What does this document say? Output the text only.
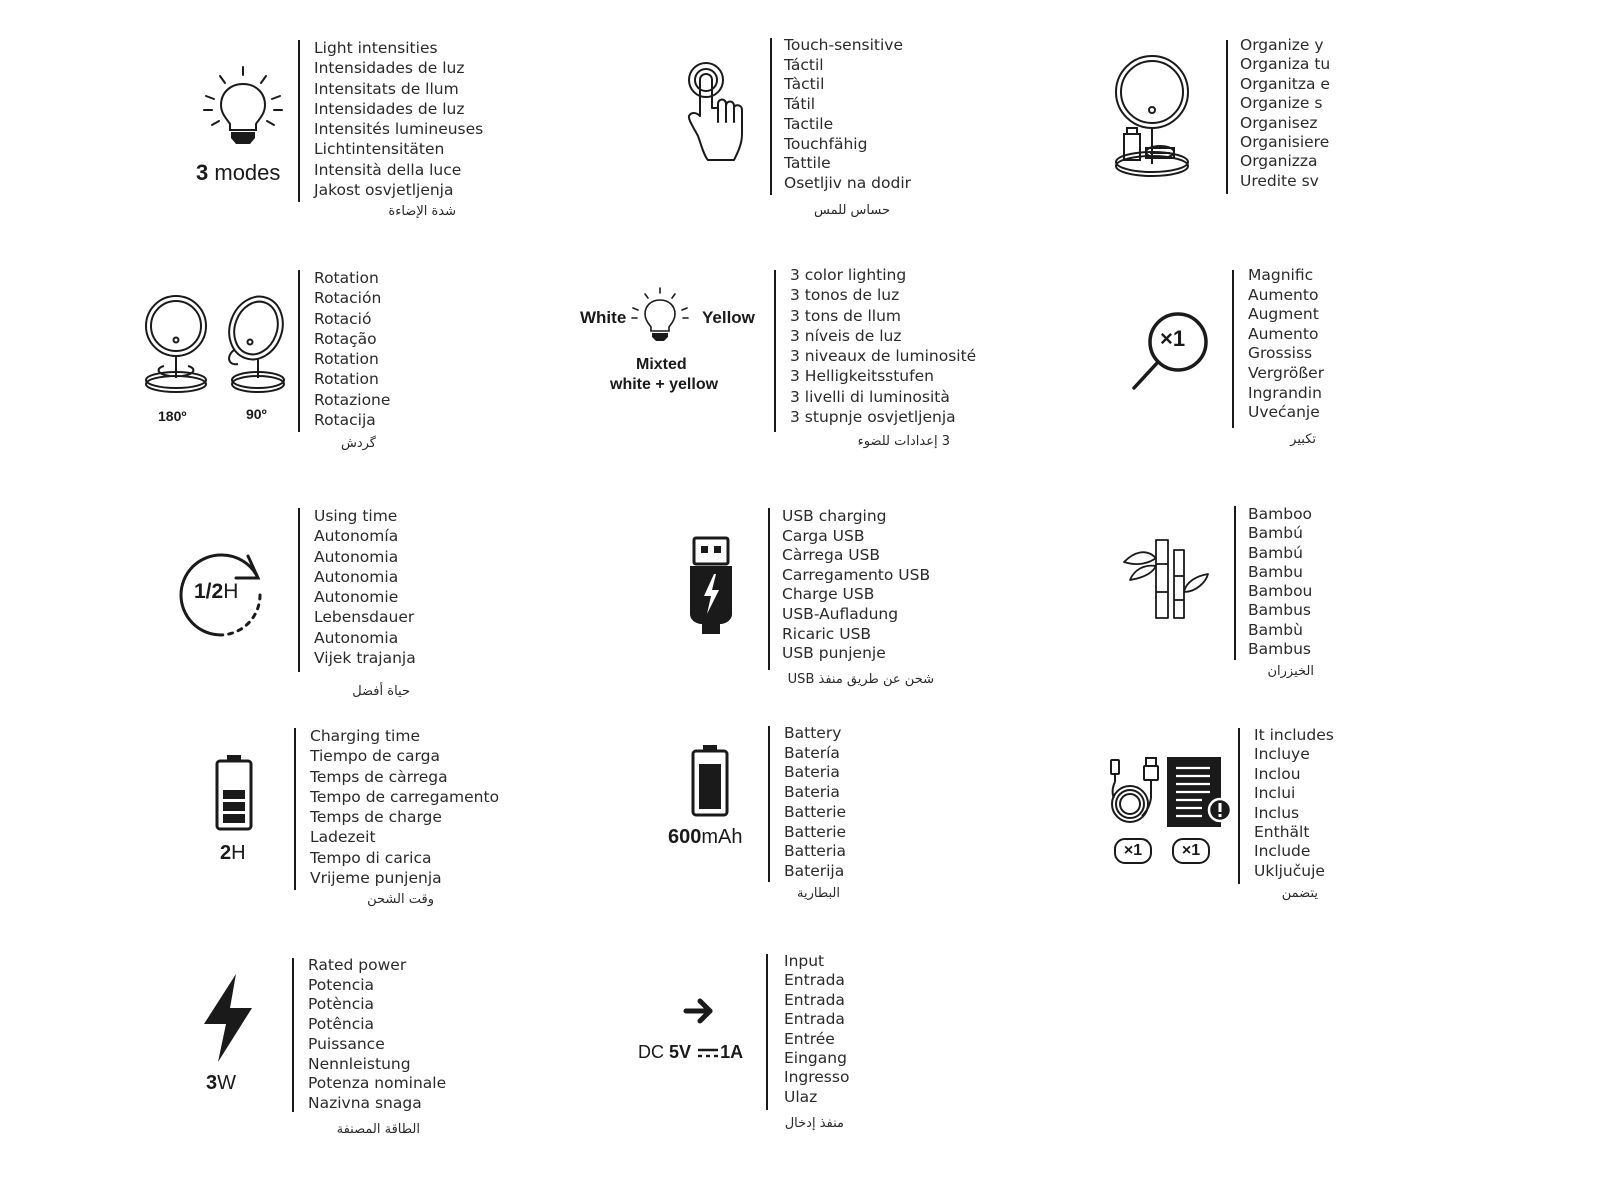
3 modes
Light intensities
Intensidades de luz
Intensitats de llum
Intensidades de luz
Intensités lumineuses
Lichtintensitäten
Intensità della luce
Jakost osvjetljenja
شدة الإضاءة
Touch-sensitive
Táctil
Tàctil
Tátil
Tactile
Touchfähig
Tattile
Osetljiv na dodir
حساس للمس
Organize y
Organiza tu
Organitza e
Organize s
Organisez
Organisiere
Organizza
Uredite sv
180º	90º
Rotation
Rotación
Rotació
Rotação
Rotation
Rotation
Rotazione
Rotacija
گردش
White	Yellow
Mixted
white + yellow
3 color lighting
3 tonos de luz
3 tons de llum
3 níveis de luz
3 niveaux de luminosité
3 Helligkeitsstufen
3 livelli di luminosità
3 stupnje osvjetljenja
3 إعدادات للضوء
×1
Magnific
Aumento
Augment
Aumento
Grossiss
Vergrößer
Ingrandin
Uvećanje
تكبير
1/2H
Using time
Autonomía
Autonomia
Autonomia
Autonomie
Lebensdauer
Autonomia
Vijek trajanja
حياة أفضل
USB charging
Carga USB
Càrrega USB
Carregamento USB
Charge USB
USB-Aufladung
Ricaric USB
USB punjenje
شحن عن طريق منفذ USB
Bamboo
Bambú
Bambú
Bambu
Bambou
Bambus
Bambù
Bambus
الخيزران
2H
Charging time
Tiempo de carga
Temps de càrrega
Tempo de carregamento
Temps de charge
Ladezeit
Tempo di carica
Vrijeme punjenja
وقت الشحن
600mAh
Battery
Batería
Bateria
Bateria
Batterie
Batterie
Batteria
Baterija
البطارية
×1	×1
It includes
Incluye
Inclou
Inclui
Inclus
Enthält
Include
Uključuje
يتضمن
3W
Rated power
Potencia
Potència
Potência
Puissance
Nennleistung
Potenza nominale
Nazivna snaga
الطاقة المصنفة
DC 5V 1A
Input
Entrada
Entrada
Entrada
Entrée
Eingang
Ingresso
Ulaz
منفذ إدخال
